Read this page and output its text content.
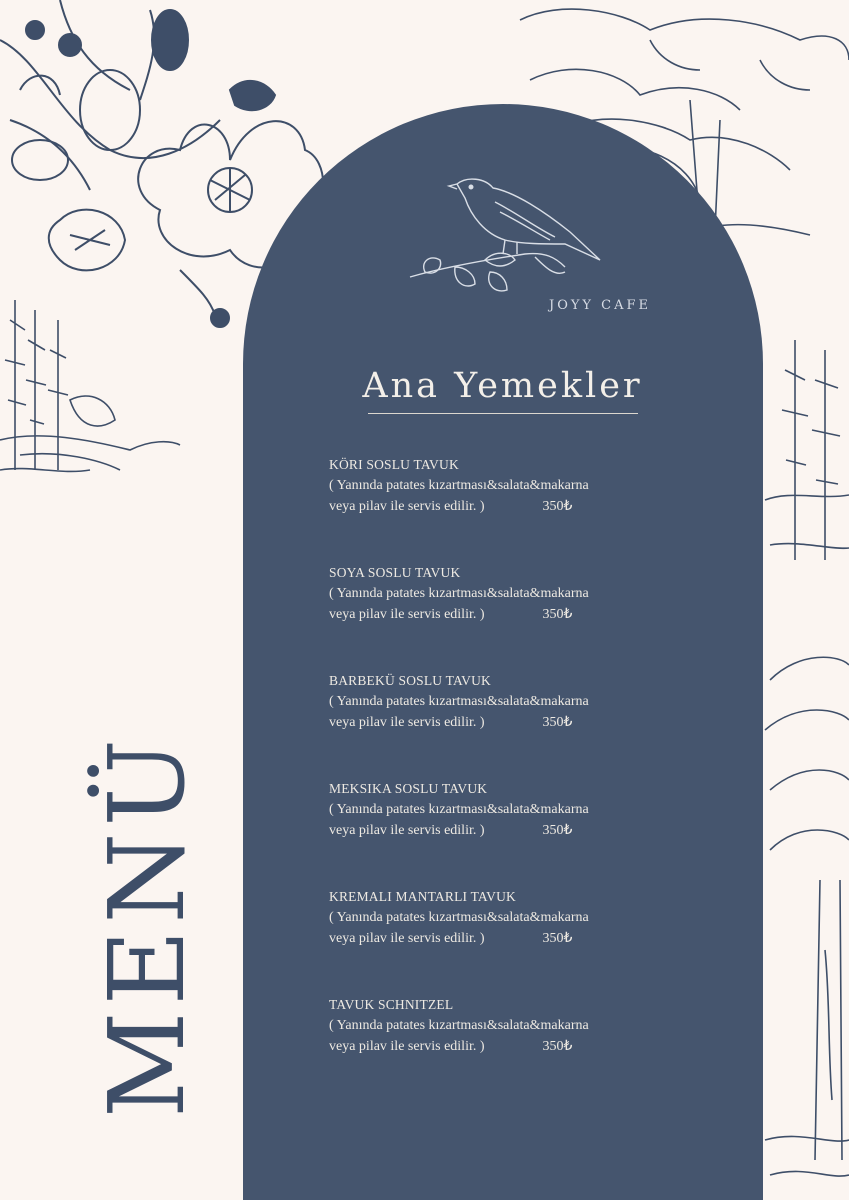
JOYY CAFE
Ana Yemekler
KÖRI SOSLU TAVUK
( Yanında patates kızartması&salata&makarna
veya pilav ile servis edilir. )	350₺
SOYA SOSLU TAVUK
( Yanında patates kızartması&salata&makarna
veya pilav ile servis edilir. )	350₺
BARBEKÜ SOSLU TAVUK
( Yanında patates kızartması&salata&makarna
veya pilav ile servis edilir. )	350₺
MEKSIKA SOSLU TAVUK
( Yanında patates kızartması&salata&makarna
veya pilav ile servis edilir. )	350₺
KREMALI MANTARLI TAVUK
( Yanında patates kızartması&salata&makarna
veya pilav ile servis edilir. )	350₺
TAVUK SCHNITZEL
( Yanında patates kızartması&salata&makarna
veya pilav ile servis edilir. )	350₺
MENÜ
